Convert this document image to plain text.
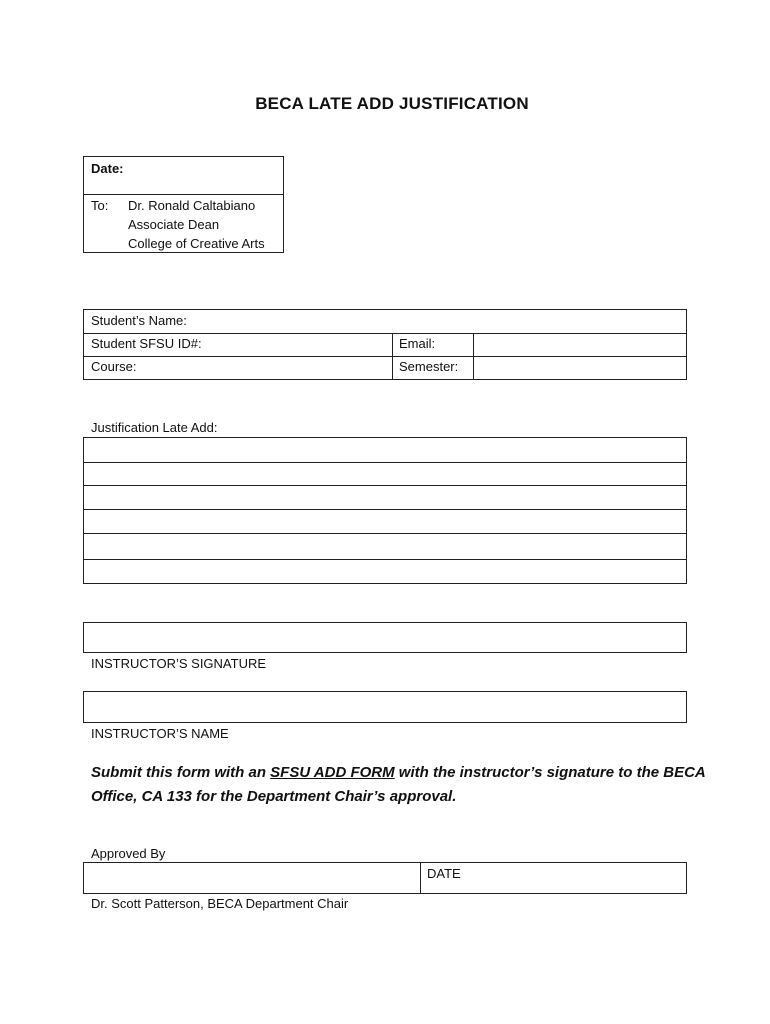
BECA LATE ADD JUSTIFICATION
Date:
To: Dr. Ronald Caltabiano
Associate Dean
College of Creative Arts
Student’s Name:
Student SFSU ID#:
Course:
Email:
Semester:
Justification Late Add:
INSTRUCTOR’S SIGNATURE
INSTRUCTOR’S NAME
Submit this form with an SFSU ADD FORM with the instructor’s signature to the BECA Office, CA 133 for the Department Chair’s approval.
Approved By
DATE
Dr. Scott Patterson, BECA Department Chair
